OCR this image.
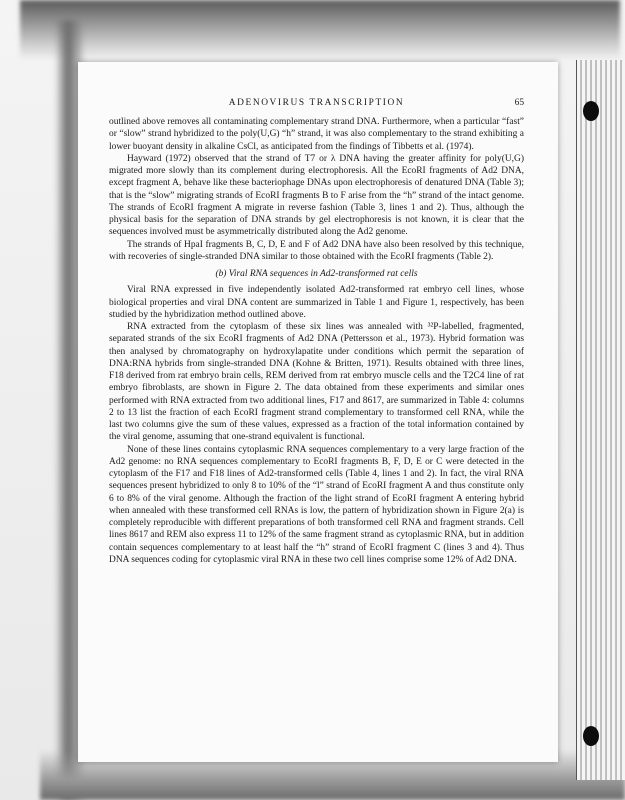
ADENOVIRUS TRANSCRIPTION	65

outlined above removes all contaminating complementary strand DNA. Furthermore, when a particular “fast” or “slow” strand hybridized to the poly(U,G) “h” strand, it was also complementary to the strand exhibiting a lower buoyant density in alkaline CsCl, as anticipated from the findings of Tibbetts et al. (1974).

Hayward (1972) observed that the strand of T7 or λ DNA having the greater affinity for poly(U,G) migrated more slowly than its complement during electrophoresis. All the EcoRI fragments of Ad2 DNA, except fragment A, behave like these bacteriophage DNAs upon electrophoresis of denatured DNA (Table 3); that is the “slow” migrating strands of EcoRI fragments B to F arise from the “h” strand of the intact genome. The strands of EcoRI fragment A migrate in reverse fashion (Table 3, lines 1 and 2). Thus, although the physical basis for the separation of DNA strands by gel electrophoresis is not known, it is clear that the sequences involved must be asymmetrically distributed along the Ad2 genome.

The strands of HpaI fragments B, C, D, E and F of Ad2 DNA have also been resolved by this technique, with recoveries of single-stranded DNA similar to those obtained with the EcoRI fragments (Table 2).

(b) Viral RNA sequences in Ad2-transformed rat cells

Viral RNA expressed in five independently isolated Ad2-transformed rat embryo cell lines, whose biological properties and viral DNA content are summarized in Table 1 and Figure 1, respectively, has been studied by the hybridization method outlined above.

RNA extracted from the cytoplasm of these six lines was annealed with ³²P-labelled, fragmented, separated strands of the six EcoRI fragments of Ad2 DNA (Pettersson et al., 1973). Hybrid formation was then analysed by chromatography on hydroxylapatite under conditions which permit the separation of DNA:RNA hybrids from single-stranded DNA (Kohne & Britten, 1971). Results obtained with three lines, F18 derived from rat embryo brain cells, REM derived from rat embryo muscle cells and the T2C4 line of rat embryo fibroblasts, are shown in Figure 2. The data obtained from these experiments and similar ones performed with RNA extracted from two additional lines, F17 and 8617, are summarized in Table 4: columns 2 to 13 list the fraction of each EcoRI fragment strand complementary to transformed cell RNA, while the last two columns give the sum of these values, expressed as a fraction of the total information contained by the viral genome, assuming that one-strand equivalent is functional.

None of these lines contains cytoplasmic RNA sequences complementary to a very large fraction of the Ad2 genome: no RNA sequences complementary to EcoRI fragments B, F, D, E or C were detected in the cytoplasm of the F17 and F18 lines of Ad2-transformed cells (Table 4, lines 1 and 2). In fact, the viral RNA sequences present hybridized to only 8 to 10% of the “l” strand of EcoRI fragment A and thus constitute only 6 to 8% of the viral genome. Although the fraction of the light strand of EcoRI fragment A entering hybrid when annealed with these transformed cell RNAs is low, the pattern of hybridization shown in Figure 2(a) is completely reproducible with different preparations of both transformed cell RNA and fragment strands. Cell lines 8617 and REM also express 11 to 12% of the same fragment strand as cytoplasmic RNA, but in addition contain sequences complementary to at least half the “h” strand of EcoRI fragment C (lines 3 and 4). Thus DNA sequences coding for cytoplasmic viral RNA in these two cell lines comprise some 12% of Ad2 DNA.
